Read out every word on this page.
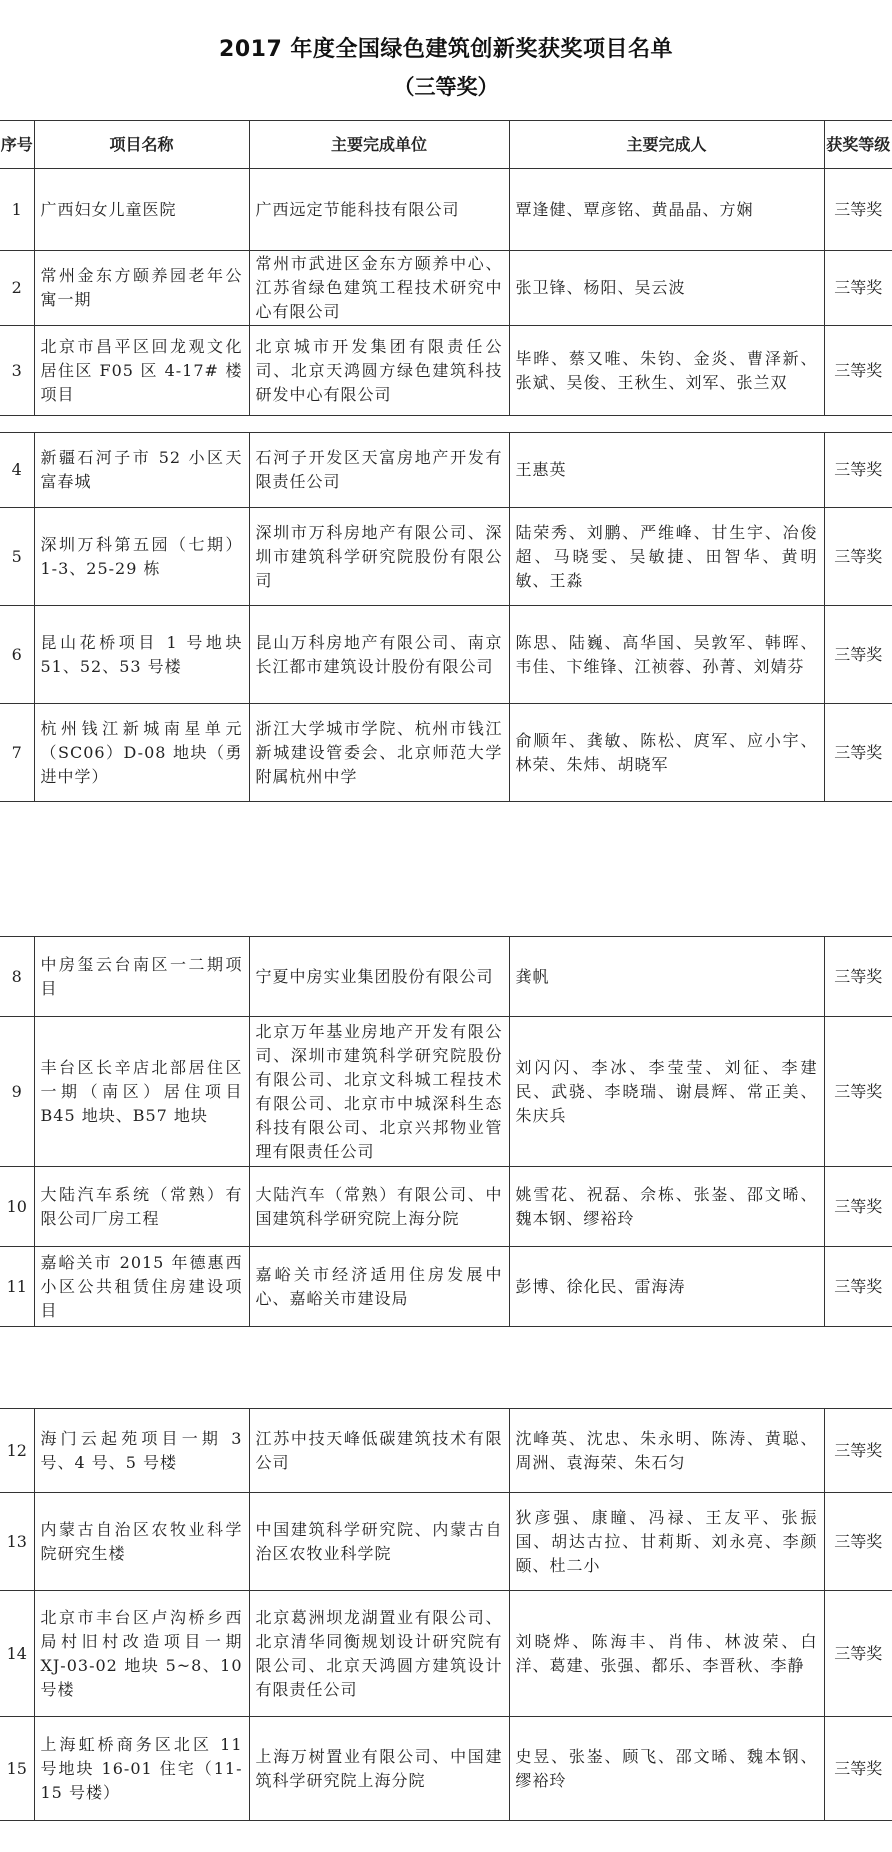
2017 年度全国绿色建筑创新奖获奖项目名单
（三等奖）
序号	项目名称	主要完成单位	主要完成人	获奖等级
1	广西妇女儿童医院	广西远定节能科技有限公司	覃逢健、覃彦铭、黄晶晶、方娴	三等奖
2	常州金东方颐养园老年公寓一期	常州市武进区金东方颐养中心、江苏省绿色建筑工程技术研究中心有限公司	张卫锋、杨阳、吴云波	三等奖
3	北京市昌平区回龙观文化居住区 F05 区 4-17# 楼项目	北京城市开发集团有限责任公司、北京天鸿圆方绿色建筑科技研发中心有限公司	毕晔、蔡又唯、朱钧、金炎、曹泽新、张斌、吴俊、王秋生、刘军、张兰双	三等奖
4	新疆石河子市 52 小区天富春城	石河子开发区天富房地产开发有限责任公司	王惠英	三等奖
5	深圳万科第五园（七期）1-3、25-29 栋	深圳市万科房地产有限公司、深圳市建筑科学研究院股份有限公司	陆荣秀、刘鹏、严维峰、甘生宇、冶俊超、马晓雯、吴敏捷、田智华、黄明敏、王淼	三等奖
6	昆山花桥项目 1 号地块 51、52、53 号楼	昆山万科房地产有限公司、南京长江都市建筑设计股份有限公司	陈思、陆巍、高华国、吴敦军、韩晖、韦佳、卞维锋、江祯蓉、孙菁、刘婧芬	三等奖
7	杭州钱江新城南星单元（SC06）D-08 地块（勇进中学）	浙江大学城市学院、杭州市钱江新城建设管委会、北京师范大学附属杭州中学	俞顺年、龚敏、陈松、庹军、应小宇、林荣、朱炜、胡晓军	三等奖
8	中房玺云台南区一二期项目	宁夏中房实业集团股份有限公司	龚帆	三等奖
9	丰台区长辛店北部居住区一期（南区）居住项目 B45 地块、B57 地块	北京万年基业房地产开发有限公司、深圳市建筑科学研究院股份有限公司、北京文科城工程技术有限公司、北京市中城深科生态科技有限公司、北京兴邦物业管理有限责任公司	刘闪闪、李冰、李莹莹、刘征、李建民、武骁、李晓瑞、谢晨辉、常正美、朱庆兵	三等奖
10	大陆汽车系统（常熟）有限公司厂房工程	大陆汽车（常熟）有限公司、中国建筑科学研究院上海分院	姚雪花、祝磊、佘栋、张崟、邵文晞、魏本钢、缪裕玲	三等奖
11	嘉峪关市 2015 年德惠西小区公共租赁住房建设项目	嘉峪关市经济适用住房发展中心、嘉峪关市建设局	彭博、徐化民、雷海涛	三等奖
12	海门云起苑项目一期 3 号、4 号、5 号楼	江苏中技天峰低碳建筑技术有限公司	沈峰英、沈忠、朱永明、陈涛、黄聪、周洲、袁海荣、朱石匀	三等奖
13	内蒙古自治区农牧业科学院研究生楼	中国建筑科学研究院、内蒙古自治区农牧业科学院	狄彦强、康瞳、冯禄、王友平、张振国、胡达古拉、甘莉斯、刘永亮、李颜颐、杜二小	三等奖
14	北京市丰台区卢沟桥乡西局村旧村改造项目一期 XJ-03-02 地块 5~8、10 号楼	北京葛洲坝龙湖置业有限公司、北京清华同衡规划设计研究院有限公司、北京天鸿圆方建筑设计有限责任公司	刘晓烨、陈海丰、肖伟、林波荣、白洋、葛建、张强、都乐、李晋秋、李静	三等奖
15	上海虹桥商务区北区 11 号地块 16-01 住宅（11-15 号楼）	上海万树置业有限公司、中国建筑科学研究院上海分院	史昱、张崟、顾飞、邵文晞、魏本钢、缪裕玲	三等奖
